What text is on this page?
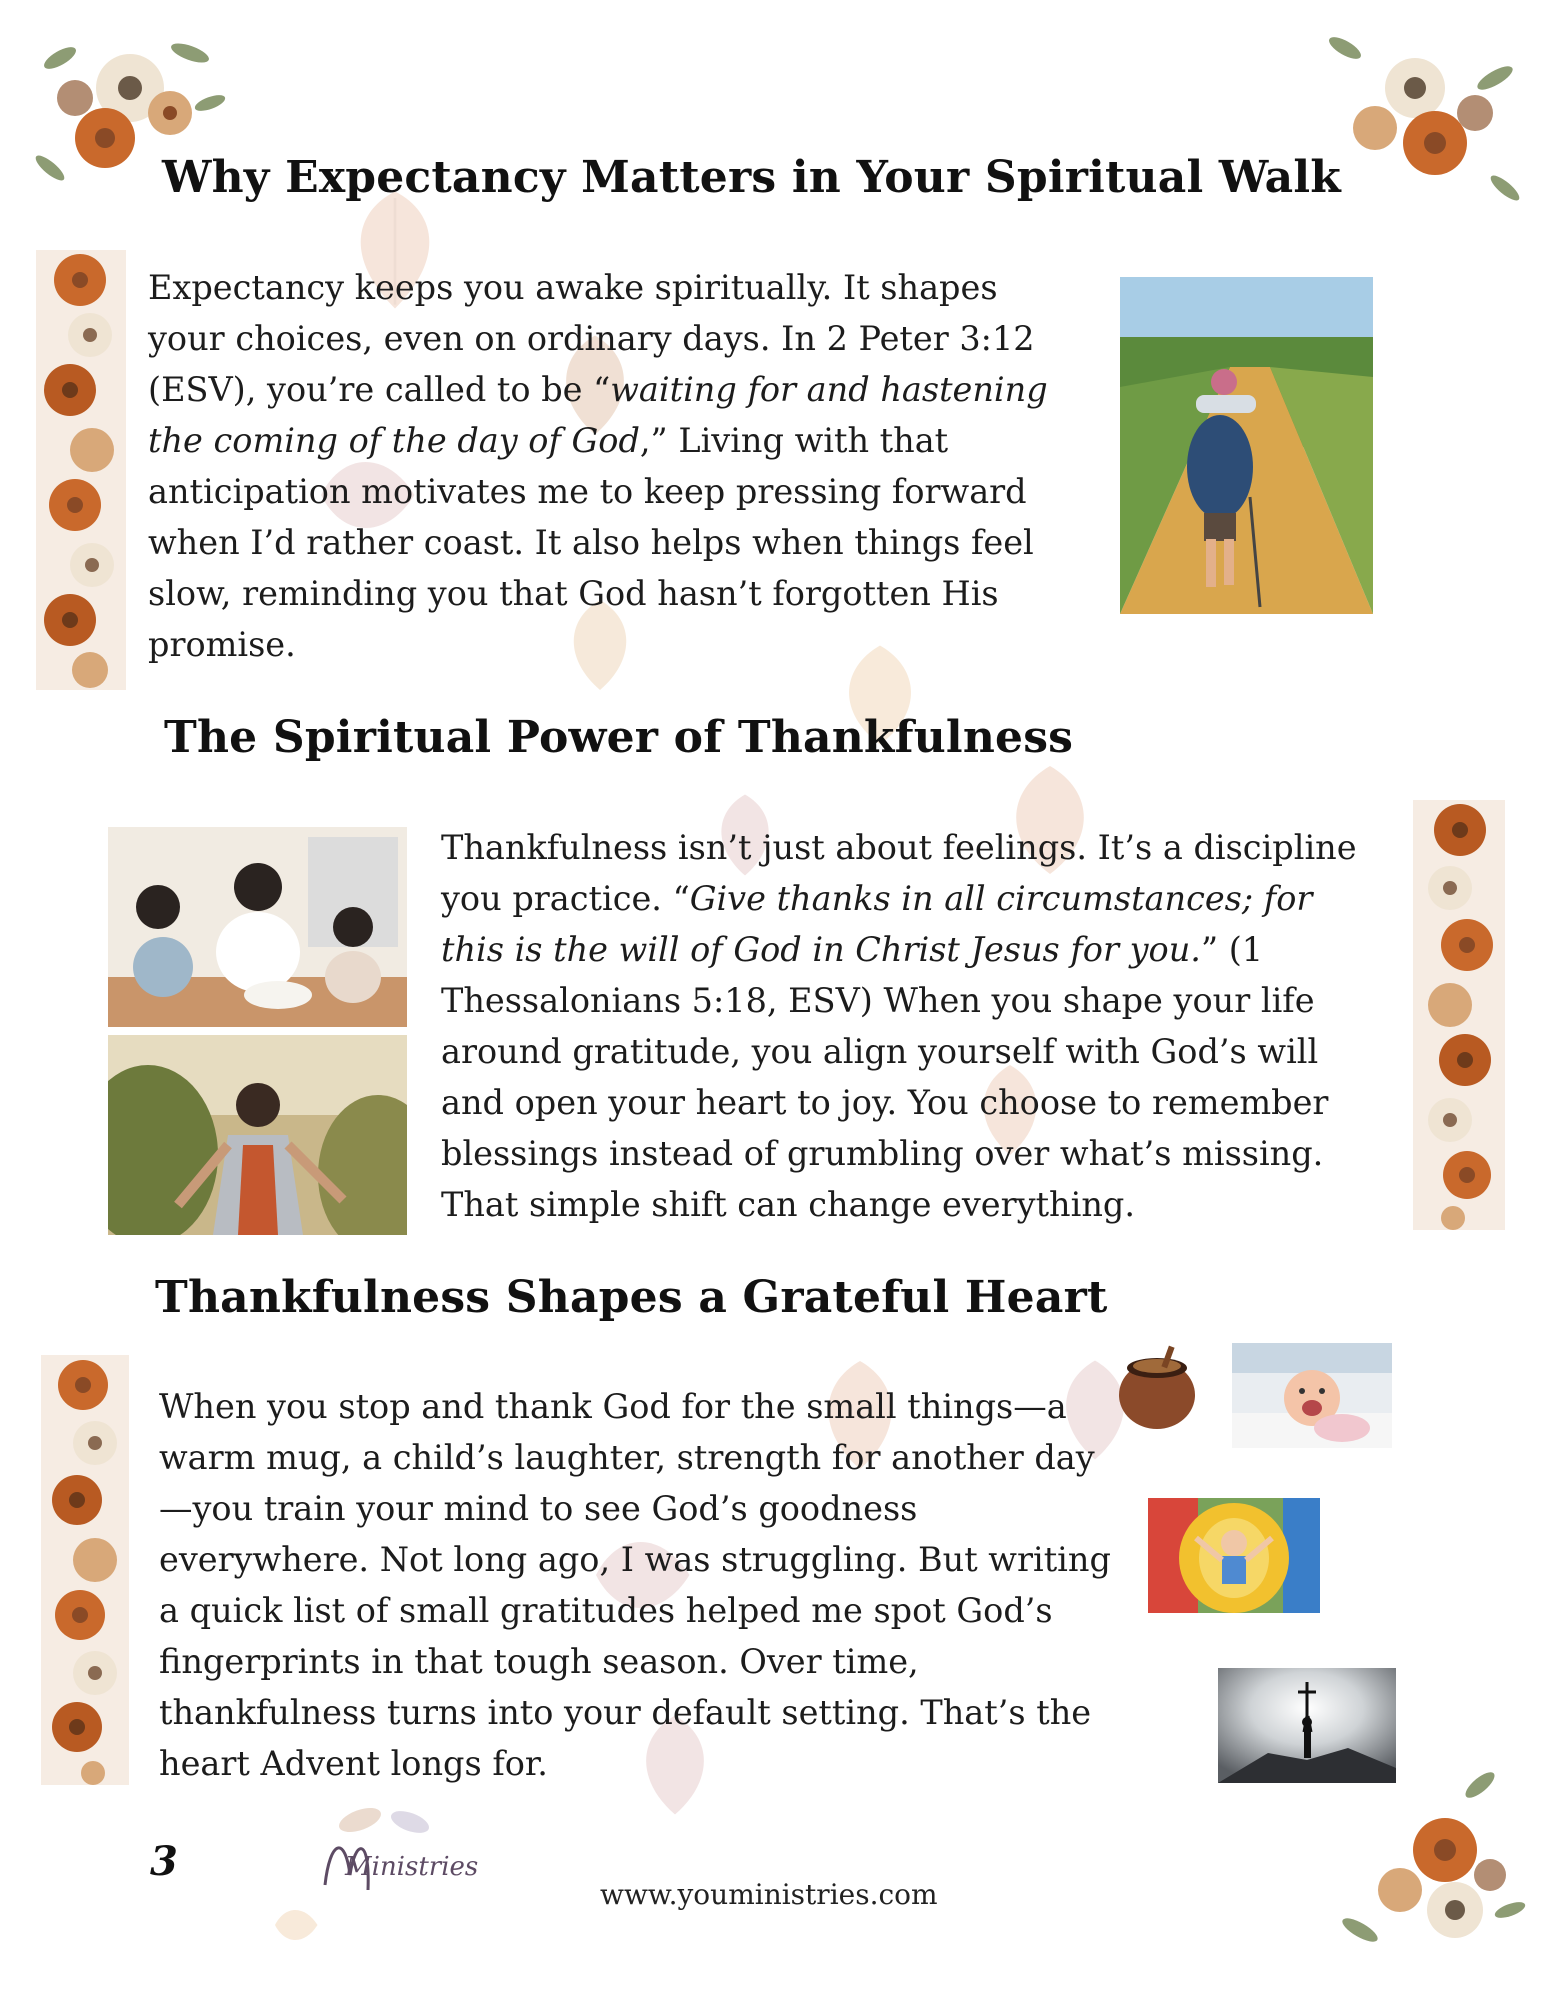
Why Expectancy Matters in Your Spiritual Walk

Expectancy keeps you awake spiritually. It shapes your choices, even on ordinary days. In 2 Peter 3:12 (ESV), you’re called to be “waiting for and hastening the coming of the day of God,” Living with that anticipation motivates me to keep pressing forward when I’d rather coast. It also helps when things feel slow, reminding you that God hasn’t forgotten His promise.

The Spiritual Power of Thankfulness

Thankfulness isn’t just about feelings. It’s a discipline you practice. “Give thanks in all circumstances; for this is the will of God in Christ Jesus for you.” (1 Thessalonians 5:18, ESV) When you shape your life around gratitude, you align yourself with God’s will and open your heart to joy. You choose to remember blessings instead of grumbling over what’s missing. That simple shift can change everything.

Thankfulness Shapes a Grateful Heart

When you stop and thank God for the small things—a warm mug, a child’s laughter, strength for another day—you train your mind to see God’s goodness everywhere. Not long ago, I was struggling. But writing a quick list of small gratitudes helped me spot God’s fingerprints in that tough season. Over time, thankfulness turns into your default setting. That’s the heart Advent longs for.

3	Ministries
www.youministries.com
